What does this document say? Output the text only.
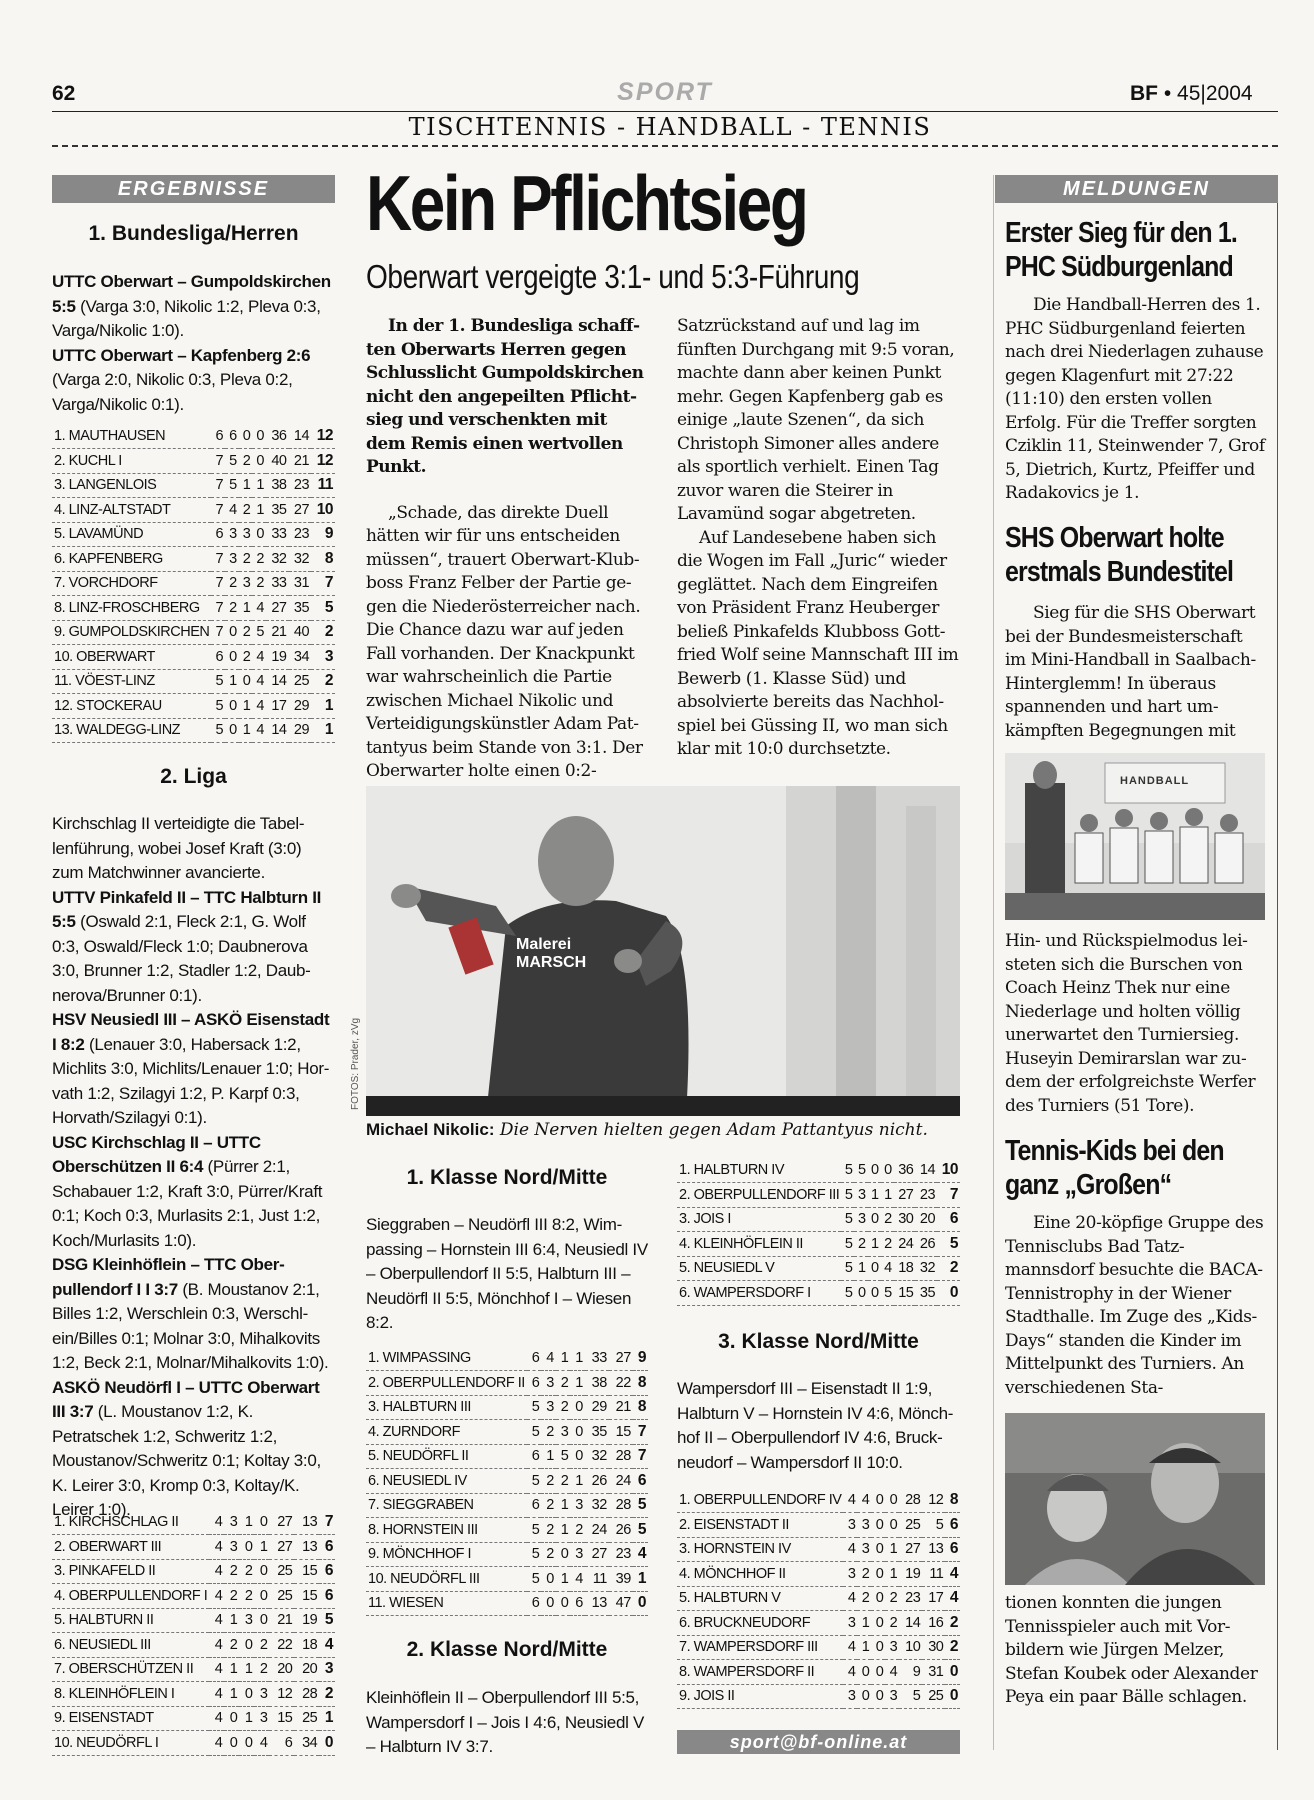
62	SPORT	BF • 45|2004
TISCHTENNIS - HANDBALL - TENNIS
ERGEBNISSE
1. Bundesliga/Herren
UTTC Oberwart – Gumpoldskirchen 5:5 (Varga 3:0, Nikolic 1:2, Pleva 0:3, Varga/Nikolic 1:0).
UTTC Oberwart – Kapfenberg 2:6 (Varga 2:0, Nikolic 0:3, Pleva 0:2, Varga/Nikolic 0:1).
1. MAUTHAUSEN	6	6	0	0	36	14	12
2. KUCHL I	7	5	2	0	40	21	12
3. LANGENLOIS	7	5	1	1	38	23	11
4. LINZ-ALTSTADT	7	4	2	1	35	27	10
5. LAVAMÜND	6	3	3	0	33	23	9
6. KAPFENBERG	7	3	2	2	32	32	8
7. VORCHDORF	7	2	3	2	33	31	7
8. LINZ-FROSCHBERG	7	2	1	4	27	35	5
9. GUMPOLDSKIRCHEN	7	0	2	5	21	40	2
10. OBERWART	6	0	2	4	19	34	3
11. VÖEST-LINZ	5	1	0	4	14	25	2
12. STOCKERAU	5	0	1	4	17	29	1
13. WALDEGG-LINZ	5	0	1	4	14	29	1
2. Liga
Kirchschlag II verteidigte die Tabellenführung, wobei Josef Kraft (3:0) zum Matchwinner avancierte.
UTTV Pinkafeld II – TTC Halbturn II 5:5 (Oswald 2:1, Fleck 2:1, G. Wolf 0:3, Oswald/Fleck 1:0; Daubnerova 3:0, Brunner 1:2, Stadler 1:2, Daubnerova/Brunner 0:1).
HSV Neusiedl III – ASKÖ Eisenstadt I 8:2 (Lenauer 3:0, Habersack 1:2, Michlits 3:0, Michlits/Lenauer 1:0; Horvath 1:2, Szilagyi 1:2, P. Karpf 0:3, Horvath/Szilagyi 0:1).
USC Kirchschlag II – UTTC Oberschützen II 6:4 (Pürrer 2:1, Schabauer 1:2, Kraft 3:0, Pürrer/Kraft 0:1; Koch 0:3, Murlasits 2:1, Just 1:2, Koch/Murlasits 1:0).
DSG Kleinhöflein – TTC Oberpullendorf I I 3:7 (B. Moustanov 2:1, Billes 1:2, Werschlein 0:3, Werschlein/Billes 0:1; Molnar 3:0, Mihalkovits 1:2, Beck 2:1, Molnar/Mihalkovits 1:0).
ASKÖ Neudörfl I – UTTC Oberwart III 3:7 (L. Moustanov 1:2, K. Petratschek 1:2, Schweritz 1:2, Moustanov/Schweritz 0:1; Koltay 3:0, K. Leirer 3:0, Kromp 0:3, Koltay/K. Leirer 1:0).

1. KIRCHSCHLAG II	4	3	1	0	27	13	7
2. OBERWART III	4	3	0	1	27	13	6
3. PINKAFELD II	4	2	2	0	25	15	6
4. OBERPULLENDORF I	4	2	2	0	25	15	6
5. HALBTURN II	4	1	3	0	21	19	5
6. NEUSIEDL III	4	2	0	2	22	18	4
7. OBERSCHÜTZEN II	4	1	1	2	20	20	3
8. KLEINHÖFLEIN I	4	1	0	3	12	28	2
9. EISENSTADT	4	0	1	3	15	25	1
10. NEUDÖRFL I	4	0	0	4	6	34	0
Kein Pflichtsieg
Oberwart vergeigte 3:1- und 5:3-Führung

In der 1. Bundesliga schafften Oberwarts Herren gegen Schlusslicht Gumpoldskirchen nicht den angepeilten Pflichtsieg und verschenkten mit dem Remis einen wertvollen Punkt.

„Schade, das direkte Duell hätten wir für uns entscheiden müssen“, trauert Oberwart-Klubboss Franz Felber der Partie gegen die Niederösterreicher nach. Die Chance dazu war auf jeden Fall vorhanden. Der Knackpunkt war wahrscheinlich die Partie zwischen Michael Nikolic und Verteidigungskünstler Adam Pattantyus beim Stande von 3:1. Der Oberwarter holte einen 0:2-

Satzrückstand auf und lag im fünften Durchgang mit 9:5 voran, machte dann aber keinen Punkt mehr. Gegen Kapfenberg gab es einige „laute Szenen“, da sich Christoph Simoner alles andere als sportlich verhielt. Einen Tag zuvor waren die Steirer in Lavamünd sogar abgetreten.

Auf Landesebene haben sich die Wogen im Fall „Juric“ wieder geglättet. Nach dem Eingreifen von Präsident Franz Heuberger beließ Pinkafelds Klubboss Gottfried Wolf seine Mannschaft III im Bewerb (1. Klasse Süd) und absolvierte bereits das Nachholspiel bei Güssing II, wo man sich klar mit 10:0 durchsetzte.

Malerei MARSCH
FOTOS: Prader, zVg
Michael Nikolic: Die Nerven hielten gegen Adam Pattantyus nicht.
1. Klasse Nord/Mitte
Sieggraben – Neudörfl III 8:2, Wimpassing – Hornstein III 6:4, Neusiedl IV – Oberpullendorf II 5:5, Halbturn III – Neudörfl II 5:5, Mönchhof I – Wiesen 8:2.
1. WIMPASSING	6	4	1	1	33	27	9
2. OBERPULLENDORF II	6	3	2	1	38	22	8
3. HALBTURN III	5	3	2	0	29	21	8
4. ZURNDORF	5	2	3	0	35	15	7
5. NEUDÖRFL II	6	1	5	0	32	28	7
6. NEUSIEDL IV	5	2	2	1	26	24	6
7. SIEGGRABEN	6	2	1	3	32	28	5
8. HORNSTEIN III	5	2	1	2	24	26	5
9. MÖNCHHOF I	5	2	0	3	27	23	4
10. NEUDÖRFL III	5	0	1	4	11	39	1
11. WIESEN	6	0	0	6	13	47	0
2. Klasse Nord/Mitte
Kleinhöflein II – Oberpullendorf III 5:5, Wampersdorf I – Jois I 4:6, Neusiedl V – Halbturn IV 3:7.
1. HALBTURN IV	5	5	0	0	36	14	10
2. OBERPULLENDORF III	5	3	1	1	27	23	7
3. JOIS I	5	3	0	2	30	20	6
4. KLEINHÖFLEIN II	5	2	1	2	24	26	5
5. NEUSIEDL V	5	1	0	4	18	32	2
6. WAMPERSDORF I	5	0	0	5	15	35	0
3. Klasse Nord/Mitte
Wampersdorf III – Eisenstadt II 1:9, Halbturn V – Hornstein IV 4:6, Mönchhof II – Oberpullendorf IV 4:6, Bruckneudorf – Wampersdorf II 10:0.
1. OBERPULLENDORF IV	4	4	0	0	28	12	8
2. EISENSTADT II	3	3	0	0	25	5	6
3. HORNSTEIN IV	4	3	0	1	27	13	6
4. MÖNCHHOF II	3	2	0	1	19	11	4
5. HALBTURN V	4	2	0	2	23	17	4
6. BRUCKNEUDORF	3	1	0	2	14	16	2
7. WAMPERSDORF III	4	1	0	3	10	30	2
8. WAMPERSDORF II	4	0	0	4	9	31	0
9. JOIS II	3	0	0	3	5	25	0
sport@bf-online.at
MELDUNGEN
Erster Sieg für den 1. PHC Südburgenland
Die Handball-Herren des 1. PHC Südburgenland feierten nach drei Niederlagen zuhause gegen Klagenfurt mit 27:22 (11:10) den ersten vollen Erfolg. Für die Treffer sorgten Cziklin 11, Steinwender 7, Grof 5, Dietrich, Kurtz, Pfeiffer und Radakovics je 1.
SHS Oberwart holte erstmals Bundestitel
Sieg für die SHS Oberwart bei der Bundesmeisterschaft im Mini-Handball in Saalbach-Hinterglemm! In überaus spannenden und hart umkämpften Begegnungen mit
HANDBALL
Hin- und Rückspielmodus leisteten sich die Burschen von Coach Heinz Thek nur eine Niederlage und holten völlig unerwartet den Turniersieg. Huseyin Demirarslan war zudem der erfolgreichste Werfer des Turniers (51 Tore).
Tennis-Kids bei den ganz „Großen“
Eine 20-köpfige Gruppe des Tennisclubs Bad Tatzmannsdorf besuchte die BACA-Tennistrophy in der Wiener Stadthalle. Im Zuge des „Kids-Days“ standen die Kinder im Mittelpunkt des Turniers. An verschiedenen Sta-
tionen konnten die jungen Tennisspieler auch mit Vorbildern wie Jürgen Melzer, Stefan Koubek oder Alexander Peya ein paar Bälle schlagen.
